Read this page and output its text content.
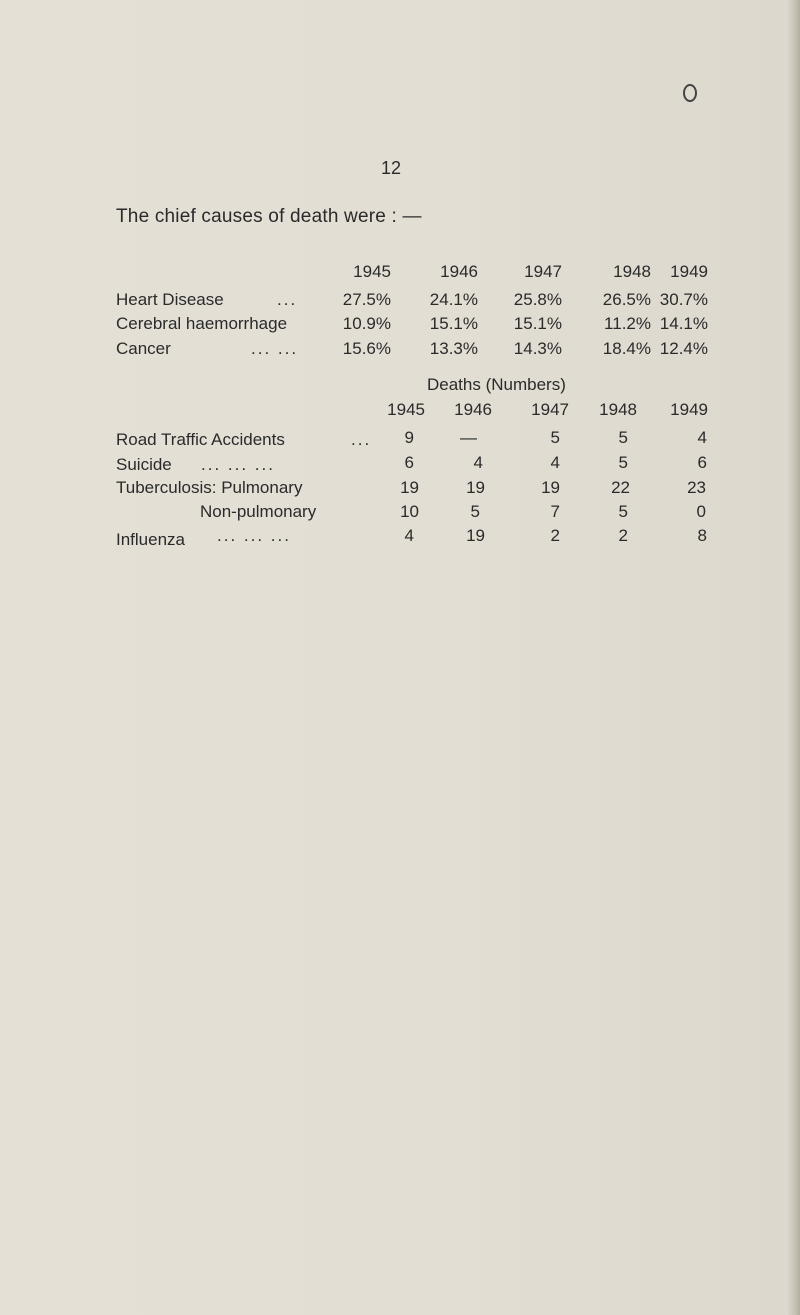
12
The chief causes of death were : —
1945	1946	1947	1948 1949
Heart Disease	...	27.5% 24.1% 25.8% 26.5% 30.7%
Cerebral haemorrhage	10.9% 15.1% 15.1% 11.2% 14.1%
Cancer	... ...	15.6% 13.3% 14.3% 18.4% 12.4%
Deaths (Numbers)
1945 1946 1947 1948 1949
Road Traffic Accidents	... 9	—	5	5	4
Suicide ... ... ...	6	4	4	5	6
Tuberculosis: Pulmonary	19	19	19	22	23
Non-pulmonary	10	5	7	5	0
Influenza ... ... ...	4	19	2	2	8
